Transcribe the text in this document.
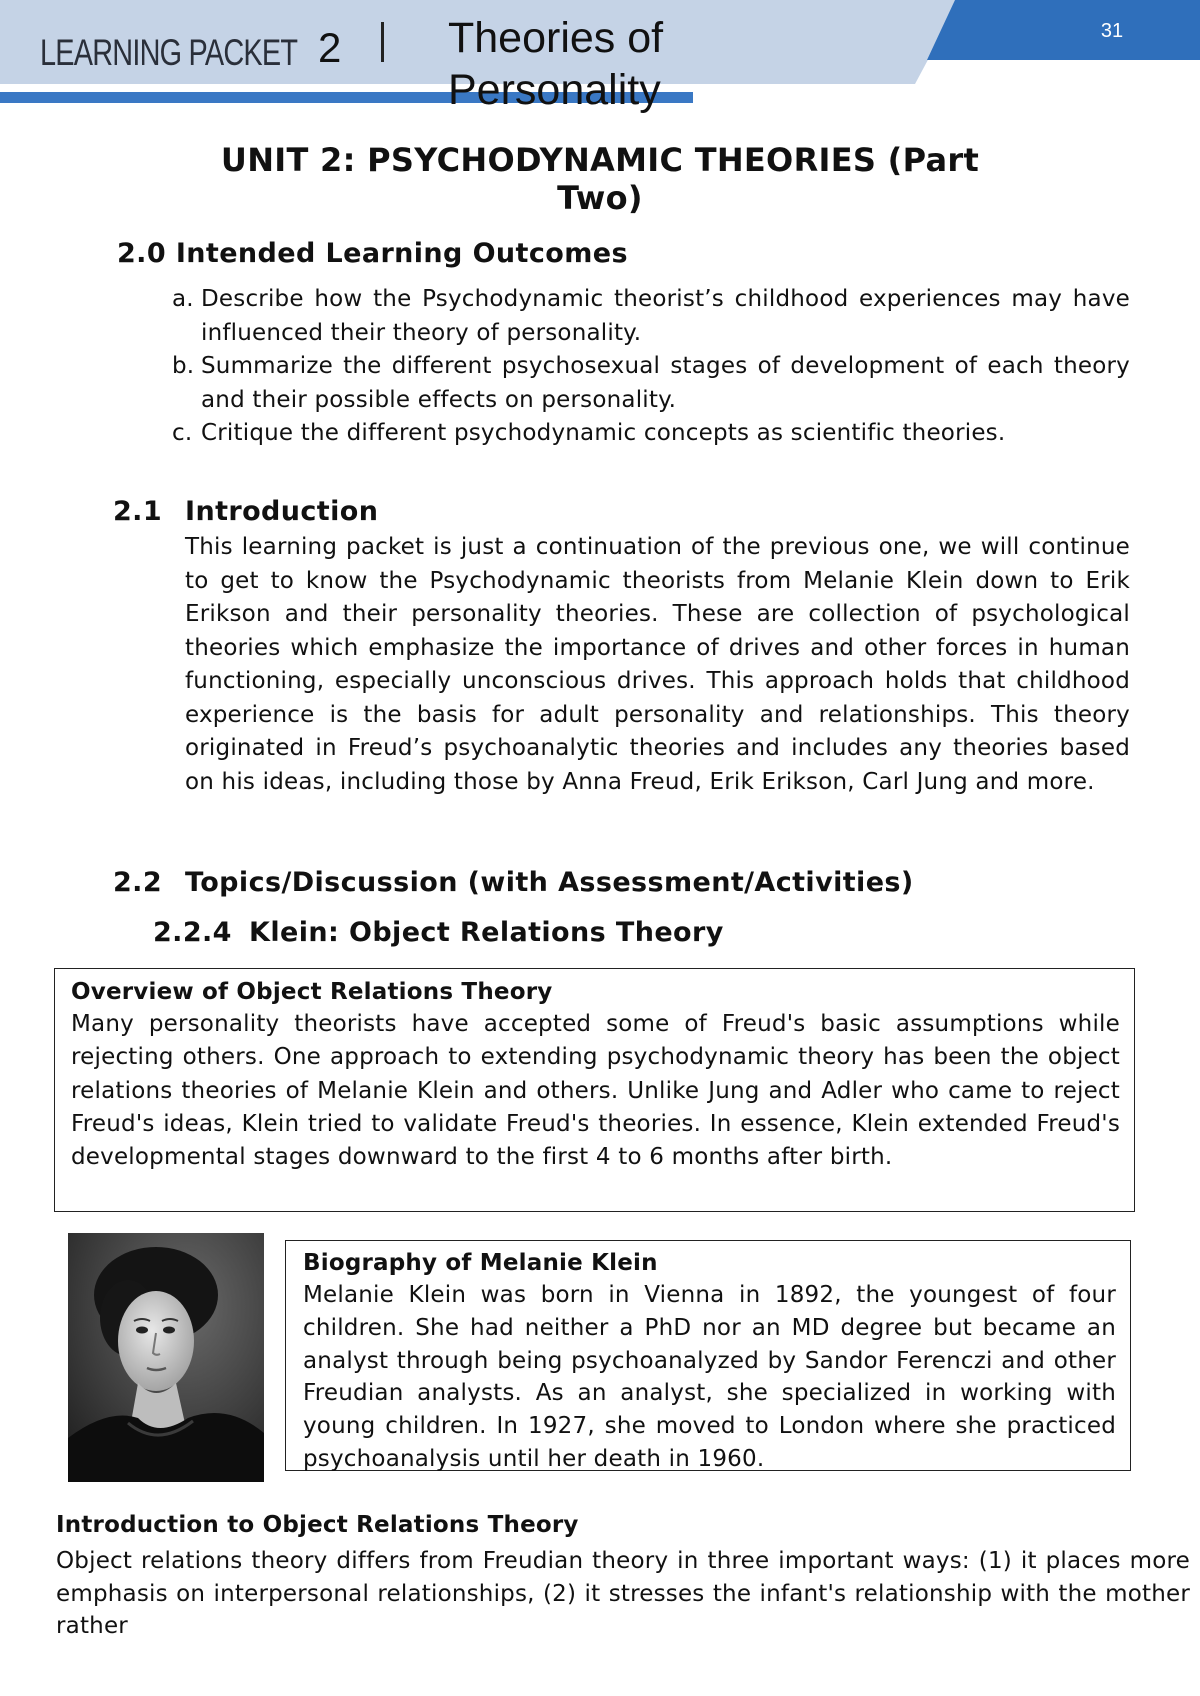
LEARNING PACKET 2 Theories of Personality
31
UNIT 2: PSYCHODYNAMIC THEORIES (Part Two)
2.0 Intended Learning Outcomes
a. Describe how the Psychodynamic theorist’s childhood experiences may have influenced their theory of personality.
b. Summarize the different psychosexual stages of development of each theory and their possible effects on personality.
c. Critique the different psychodynamic concepts as scientific theories.
2.1 Introduction
This learning packet is just a continuation of the previous one, we will continue to get to know the Psychodynamic theorists from Melanie Klein down to Erik Erikson and their personality theories. These are collection of psychological theories which emphasize the importance of drives and other forces in human functioning, especially unconscious drives. This approach holds that childhood experience is the basis for adult personality and relationships. This theory originated in Freud’s psychoanalytic theories and includes any theories based on his ideas, including those by Anna Freud, Erik Erikson, Carl Jung and more.
2.2 Topics/Discussion (with Assessment/Activities)
2.2.4 Klein: Object Relations Theory
Overview of Object Relations Theory
Many personality theorists have accepted some of Freud's basic assumptions while rejecting others. One approach to extending psychodynamic theory has been the object relations theories of Melanie Klein and others. Unlike Jung and Adler who came to reject Freud's ideas, Klein tried to validate Freud's theories. In essence, Klein extended Freud's developmental stages downward to the first 4 to 6 months after birth.
Biography of Melanie Klein
Melanie Klein was born in Vienna in 1892, the youngest of four children. She had neither a PhD nor an MD degree but became an analyst through being psychoanalyzed by Sandor Ferenczi and other Freudian analysts. As an analyst, she specialized in working with young children. In 1927, she moved to London where she practiced psychoanalysis until her death in 1960.
Introduction to Object Relations Theory
Object relations theory differs from Freudian theory in three important ways: (1) it places more emphasis on interpersonal relationships, (2) it stresses the infant's relationship with the mother rather
